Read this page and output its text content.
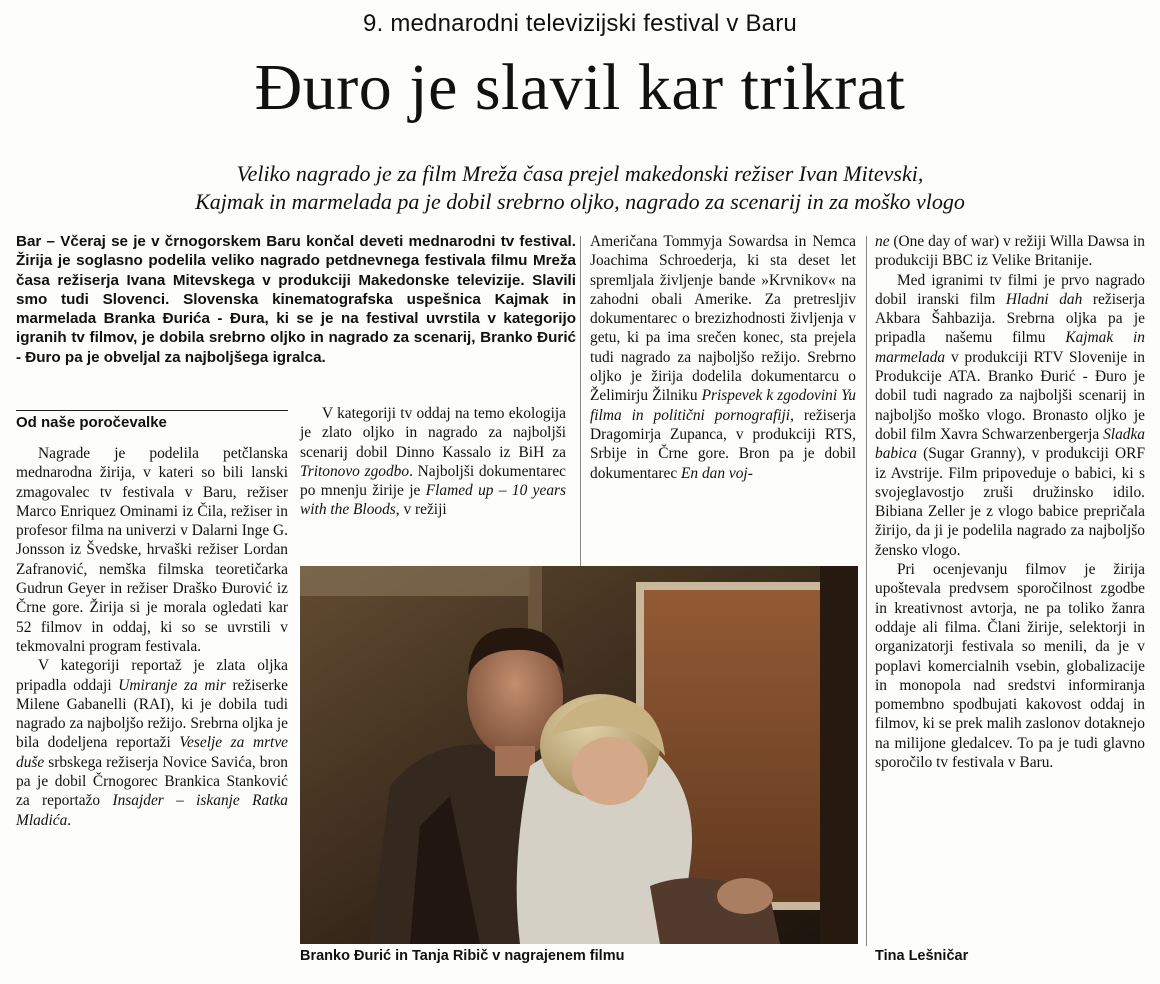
9. mednarodni televizijski festival v Baru
Đuro je slavil kar trikrat
Veliko nagrado je za film Mreža časa prejel makedonski režiser Ivan Mitevski,
Kajmak in marmelada pa je dobil srebrno oljko, nagrado za scenarij in za moško vlogo
Bar – Včeraj se je v črnogorskem Baru končal deveti mednarodni tv festival. Žirija je soglasno podelila veliko nagrado petdnevnega festivala filmu Mreža časa režiserja Ivana Mitevskega v produkciji Makedonske televizije. Slavili smo tudi Slovenci. Slovenska kinematografska uspešnica Kajmak in marmelada Branka Đurića - Đura, ki se je na festival uvrstila v kategorijo igranih tv filmov, je dobila srebrno oljko in nagrado za scenarij, Branko Đurić - Đuro pa je obveljal za najboljšega igralca.
Od naše poročevalke

Nagrade je podelila petčlanska mednarodna žirija, v kateri so bili lanski zmagovalec tv festivala v Baru, režiser Marco Enriquez Ominami iz Čila, režiser in profesor filma na univerzi v Dalarni Inge G. Jonsson iz Švedske, hrvaški režiser Lordan Zafranović, nemška filmska teoretičarka Gudrun Geyer in režiser Draško Đurović iz Črne gore. Žirija si je morala ogledati kar 52 filmov in oddaj, ki so se uvrstili v tekmovalni program festivala.

V kategoriji reportaž je zlata oljka pripadla oddaji Umiranje za mir režiserke Milene Gabanelli (RAI), ki je dobila tudi nagrado za najboljšo režijo. Srebrna oljka je bila dodeljena reportaži Veselje za mrtve duše srbskega režiserja Novice Savića, bron pa je dobil Črnogorec Brankica Stanković za reportažo Insajder – iskanje Ratka Mladića.

V kategoriji tv oddaj na temo ekologija je zlato oljko in nagrado za najboljši scenarij dobil Dinno Kassalo iz BiH za Tritonovo zgodbo. Najboljši dokumentarec po mnenju žirije je Flamed up – 10 years with the Bloods, v režiji

Američana Tommyja Sowardsa in Nemca Joachima Schroederja, ki sta deset let spremljala življenje bande »Krvnikov« na zahodni obali Amerike. Za pretresljiv dokumentarec o brezizhodnosti življenja v getu, ki pa ima srečen konec, sta prejela tudi nagrado za najboljšo režijo. Srebrno oljko je žirija dodelila dokumentarcu o Želimirju Žilniku Prispevek k zgodovini Yu filma in politični pornografiji, režiserja Dragomirja Zupanca, v produkciji RTS, Srbije in Črne gore. Bron pa je dobil dokumentarec En dan voj-

ne (One day of war) v režiji Willa Dawsa in produkciji BBC iz Velike Britanije.

Med igranimi tv filmi je prvo nagrado dobil iranski film Hladni dah režiserja Akbara Šahbazija. Srebrna oljka pa je pripadla našemu filmu Kajmak in marmelada v produkciji RTV Slovenije in Produkcije ATA. Branko Đurić - Đuro je dobil tudi nagrado za najboljši scenarij in najboljšo moško vlogo. Bronasto oljko je dobil film Xavra Schwarzenbergerja Sladka babica (Sugar Granny), v produkciji ORF iz Avstrije. Film pripoveduje o babici, ki s svojeglavostjo zruši družinsko idilo. Bibiana Zeller je z vlogo babice prepričala žirijo, da ji je podelila nagrado za najboljšo žensko vlogo.

Pri ocenjevanju filmov je žirija upoštevala predvsem sporočilnost zgodbe in kreativnost avtorja, ne pa toliko žanra oddaje ali filma. Člani žirije, selektorji in organizatorji festivala so menili, da je v poplavi komercialnih vsebin, globalizacije in monopola nad sredstvi informiranja pomembno spodbujati kakovost oddaj in filmov, ki se prek malih zaslonov dotaknejo na milijone gledalcev. To pa je tudi glavno sporočilo tv festivala v Baru.

Branko Đurić in Tanja Ribič v nagrajenem filmu	Tina Lešničar
